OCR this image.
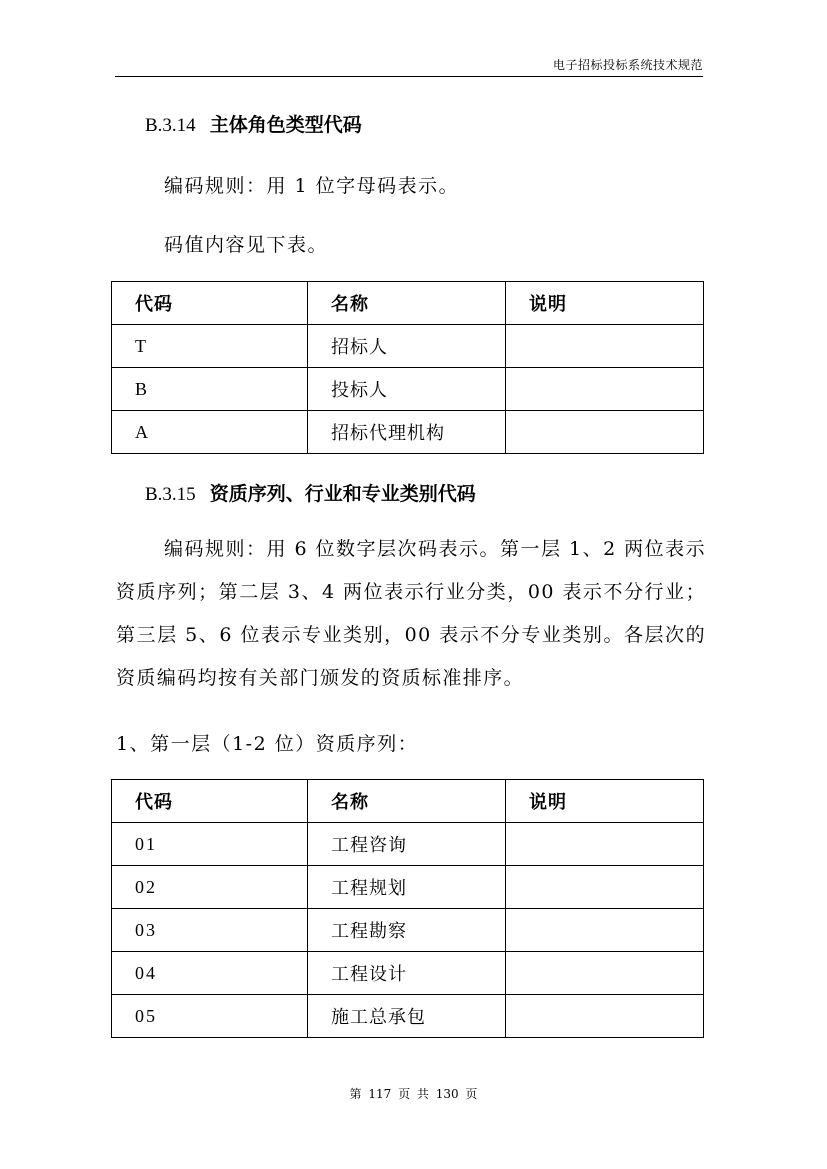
电子招标投标系统技术规范
B.3.14 主体角色类型代码
编码规则：用 1 位字母码表示。
码值内容见下表。
代码	名称	说明
T	招标人	
B	投标人	
A	招标代理机构	
B.3.15 资质序列、行业和专业类别代码
编码规则：用 6 位数字层次码表示。第一层 1、2 两位表示资质序列；第二层 3、4 两位表示行业分类，00 表示不分行业；第三层 5、6 位表示专业类别，00 表示不分专业类别。各层次的资质编码均按有关部门颁发的资质标准排序。
1、第一层（1-2 位）资质序列：
代码	名称	说明
01	工程咨询	
02	工程规划	
03	工程勘察	
04	工程设计	
05	施工总承包	
第 117 页 共 130 页
